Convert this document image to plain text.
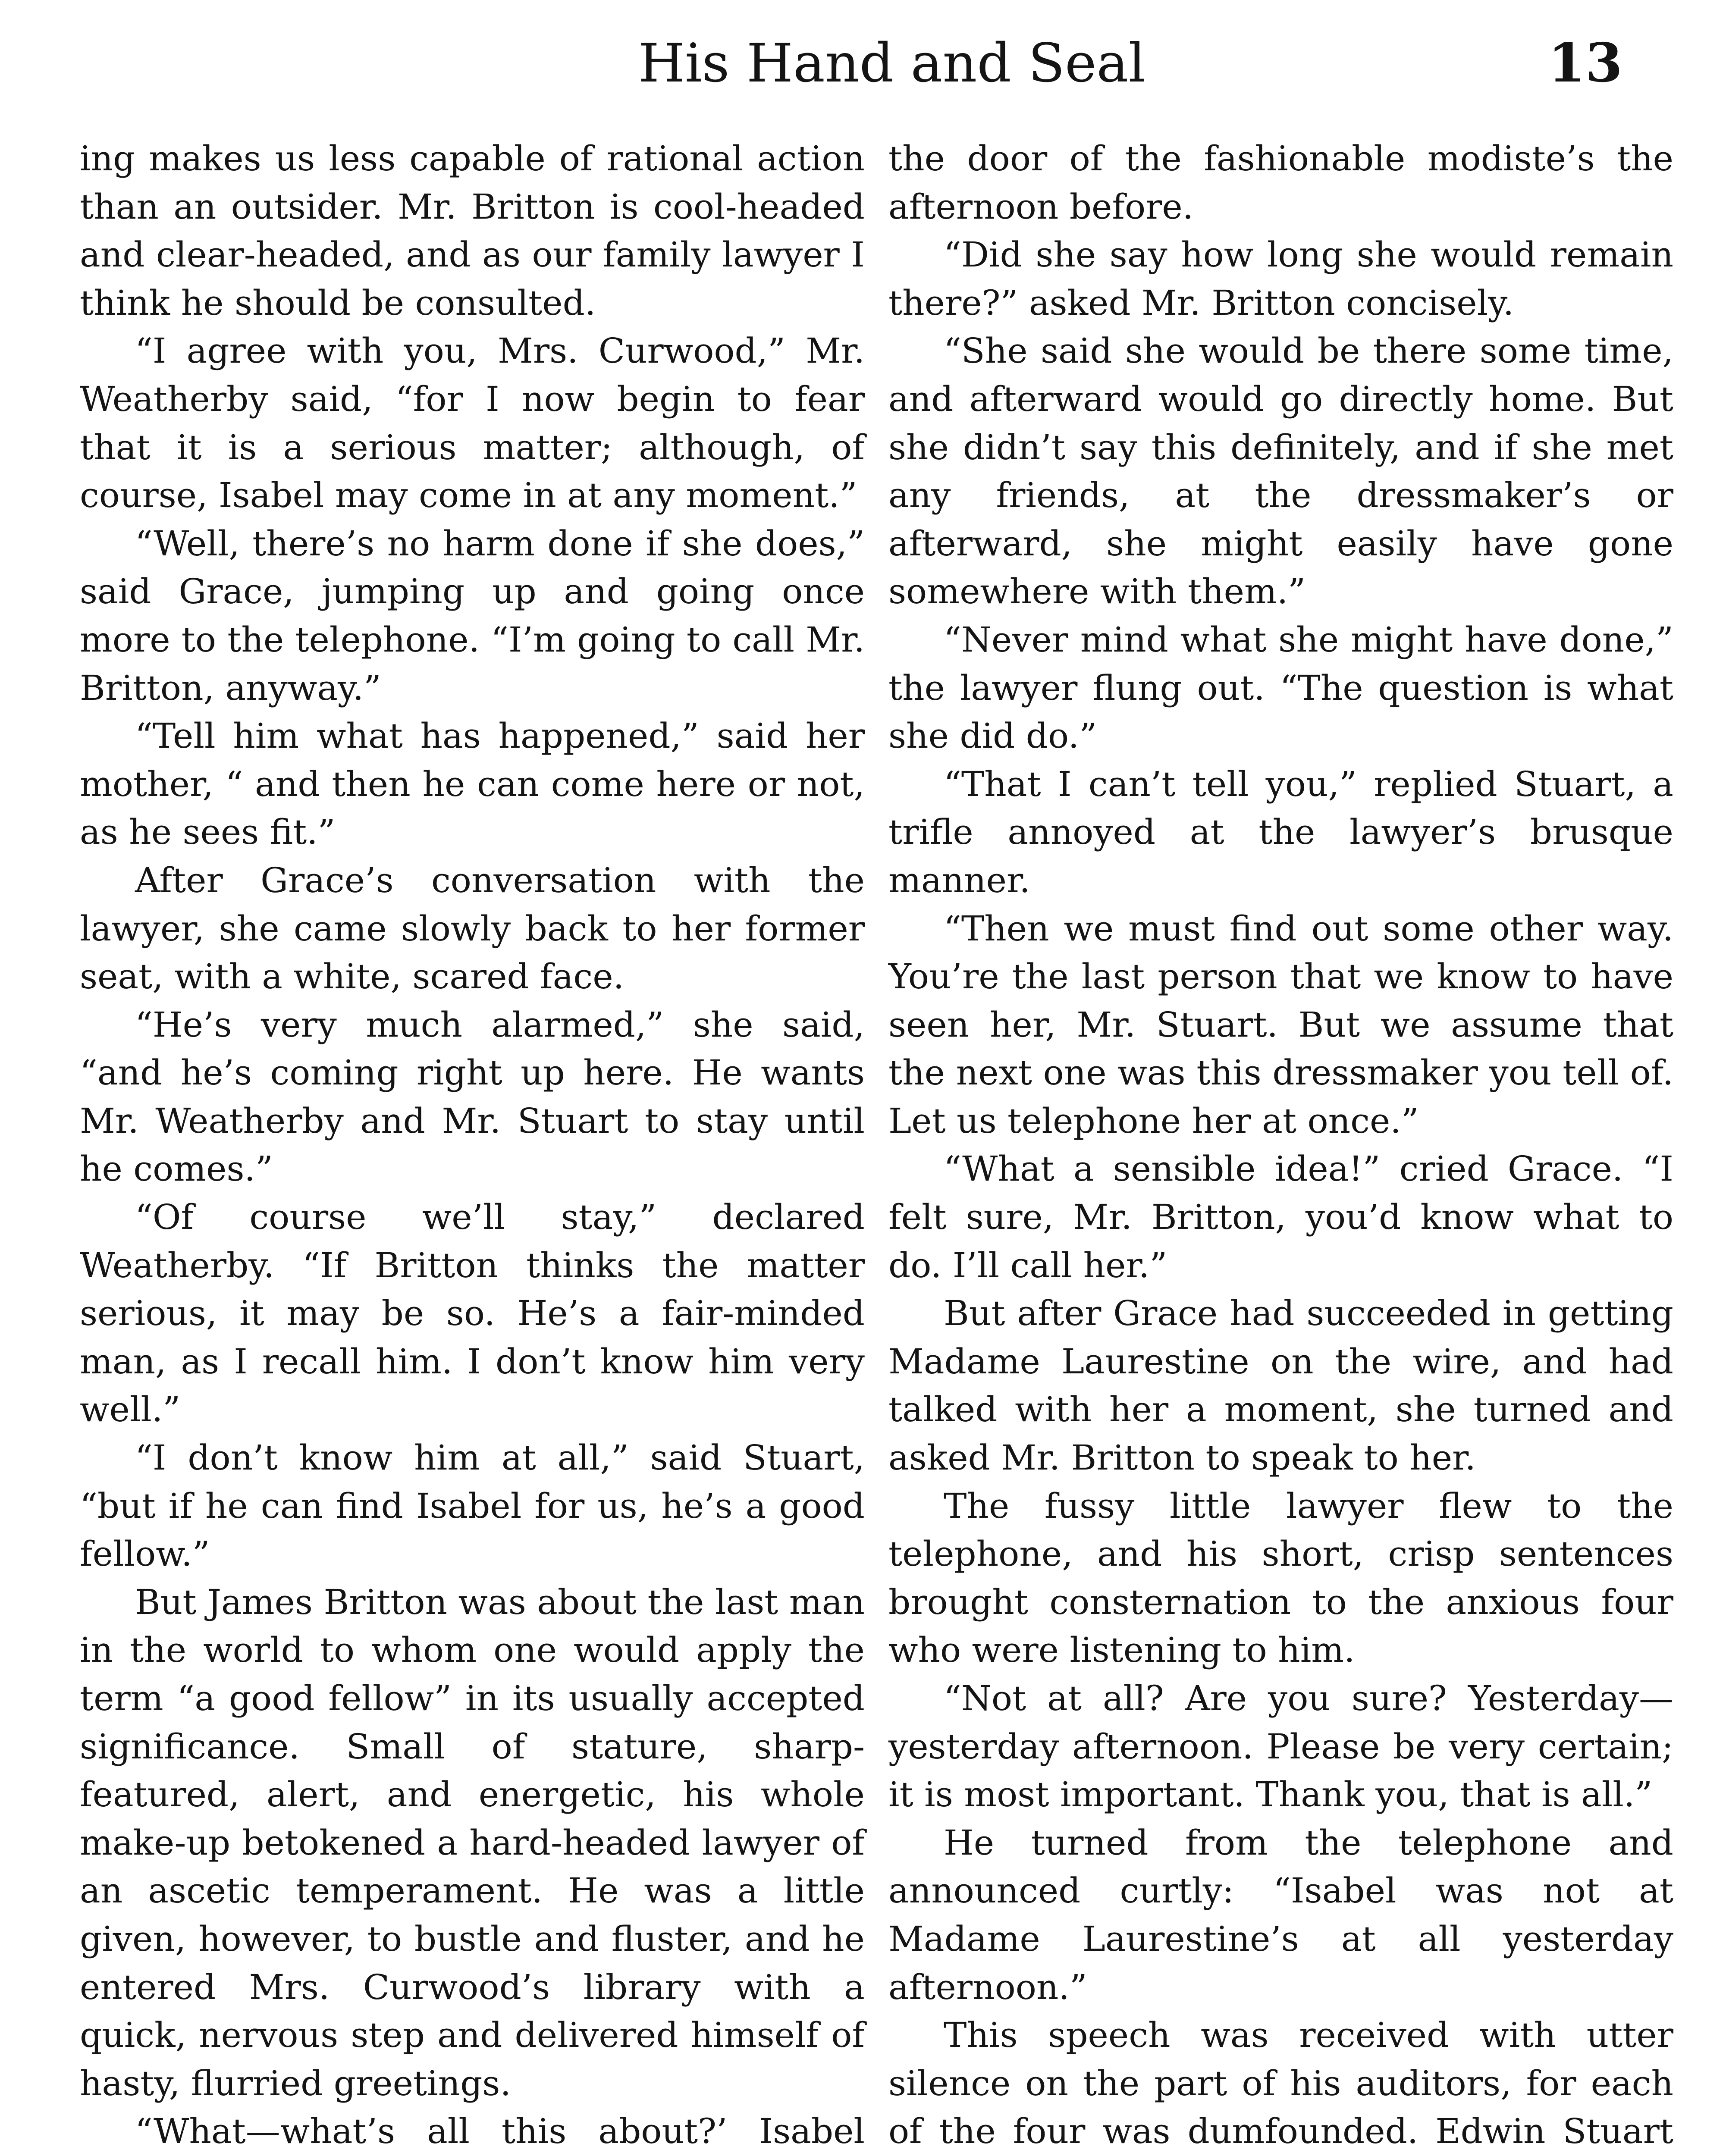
His Hand and Seal	13

ing makes us less capable of rational action than an outsider. Mr. Britton is cool-headed and clear-headed, and as our family lawyer I think he should be consulted.

“I agree with you, Mrs. Curwood,” Mr. Weatherby said, “for I now begin to fear that it is a serious matter; although, of course, Isabel may come in at any moment.”

“Well, there’s no harm done if she does,” said Grace, jumping up and going once more to the telephone. “I’m going to call Mr. Britton, anyway.”

“Tell him what has happened,” said her mother, “ and then he can come here or not, as he sees fit.”

After Grace’s conversation with the lawyer, she came slowly back to her former seat, with a white, scared face.

“He’s very much alarmed,” she said, “and he’s coming right up here. He wants Mr. Weatherby and Mr. Stuart to stay until he comes.”

“Of course we’ll stay,” declared Weatherby. “If Britton thinks the matter serious, it may be so. He’s a fair-minded man, as I recall him. I don’t know him very well.”

“I don’t know him at all,” said Stuart, “but if he can find Isabel for us, he’s a good fellow.”

But James Britton was about the last man in the world to whom one would apply the term “a good fellow” in its usually accepted significance. Small of stature, sharp-featured, alert, and energetic, his whole make-up betokened a hard-headed lawyer of an ascetic temperament. He was a little given, however, to bustle and fluster, and he entered Mrs. Curwood’s library with a quick, nervous step and delivered himself of hasty, flurried greetings.

“What—what’s all this about?’ Isabel

the door of the fashionable modiste’s the afternoon before.

“Did she say how long she would remain there?” asked Mr. Britton concisely.

“She said she would be there some time, and afterward would go directly home. But she didn’t say this definitely, and if she met any friends, at the dressmaker’s or afterward, she might easily have gone somewhere with them.”

“Never mind what she might have done,” the lawyer flung out. “The question is what she did do.”

“That I can’t tell you,” replied Stuart, a trifle annoyed at the lawyer’s brusque manner.

“Then we must find out some other way. You’re the last person that we know to have seen her, Mr. Stuart. But we assume that the next one was this dressmaker you tell of. Let us telephone her at once.”

“What a sensible idea!” cried Grace. “I felt sure, Mr. Britton, you’d know what to do. I’ll call her.”

But after Grace had succeeded in getting Madame Laurestine on the wire, and had talked with her a moment, she turned and asked Mr. Britton to speak to her.

The fussy little lawyer flew to the telephone, and his short, crisp sentences brought consternation to the anxious four who were listening to him.

“Not at all? Are you sure? Yesterday—yesterday afternoon. Please be very certain; it is most important. Thank you, that is all.”

He turned from the telephone and announced curtly: “Isabel was not at Madame Laurestine’s at all yesterday afternoon.”

This speech was received with utter silence on the part of his auditors, for each of the four was dumfounded. Edwin Stuart
